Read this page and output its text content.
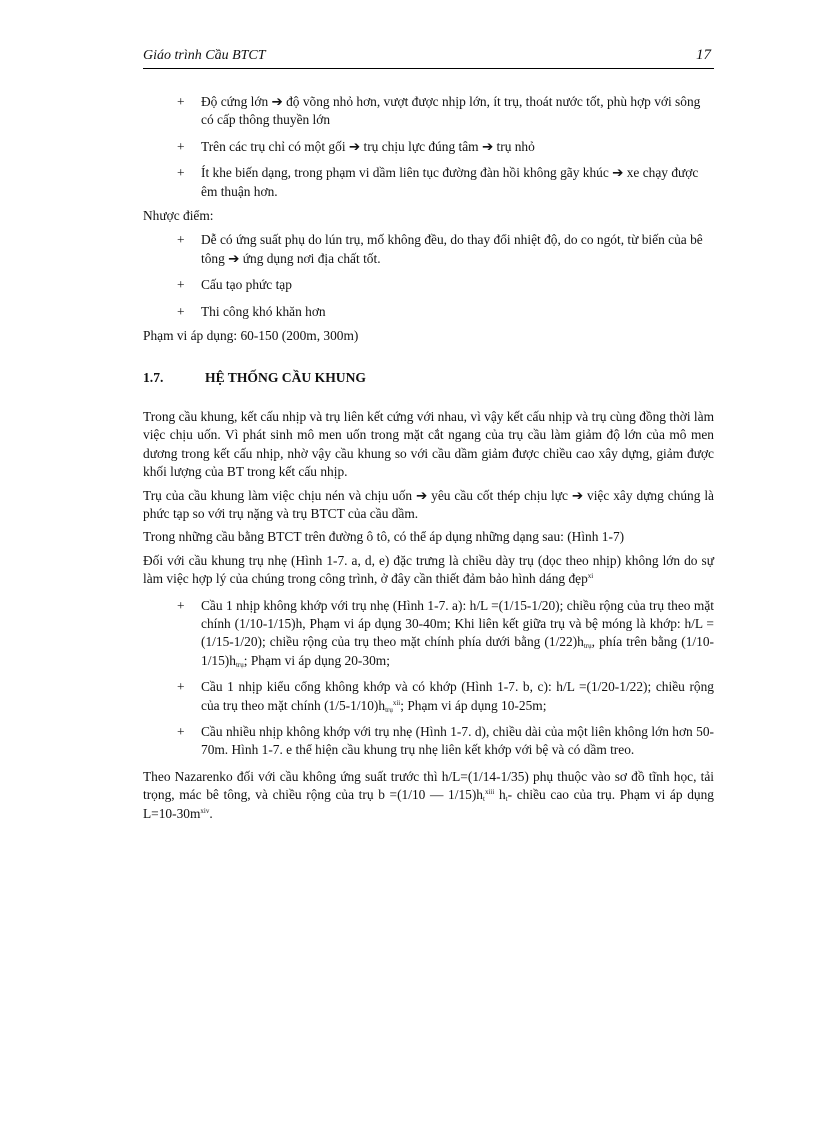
Giáo trình Cầu BTCT	17
+ Độ cứng lớn ➔ độ võng nhỏ hơn, vượt được nhịp lớn, ít trụ, thoát nước tốt, phù hợp với sông có cấp thông thuyền lớn

+ Trên các trụ chỉ có một gối ➔ trụ chịu lực đúng tâm ➔ trụ nhỏ

+ Ít khe biến dạng, trong phạm vi dầm liên tục đường đàn hồi không gãy khúc ➔ xe chạy được êm thuận hơn.

Nhược điểm:

+ Dễ có ứng suất phụ do lún trụ, mố không đều, do thay đổi nhiệt độ, do co ngót, từ biến của bê tông ➔ ứng dụng nơi địa chất tốt.

+ Cấu tạo phức tạp

+ Thi công khó khăn hơn

Phạm vi áp dụng: 60-150 (200m, 300m)

1.7.	HỆ THỐNG CẦU KHUNG

Trong cầu khung, kết cấu nhịp và trụ liên kết cứng với nhau, vì vậy kết cấu nhịp và trụ cùng đồng thời làm việc chịu uốn. Vì phát sinh mô men uốn trong mặt cắt ngang của trụ cầu làm giảm độ lớn của mô men dương trong kết cấu nhịp, nhờ vậy cầu khung so với cầu dầm giảm được chiều cao xây dựng, giảm được khối lượng của BT trong kết cấu nhịp.

Trụ của cầu khung làm việc chịu nén và chịu uốn ➔ yêu cầu cốt thép chịu lực ➔ việc xây dựng chúng là phức tạp so với trụ nặng và trụ BTCT của cầu dầm.

Trong những cầu bằng BTCT trên đường ô tô, có thể áp dụng những dạng sau: (Hình 1-7)

Đối với cầu khung trụ nhẹ (Hình 1-7. a, d, e) đặc trưng là chiều dày trụ (dọc theo nhịp) không lớn do sự làm việc hợp lý của chúng trong công trình, ở đây cần thiết đảm bảo hình dáng đẹp$^{xi}$

+ Cầu 1 nhịp không khớp với trụ nhẹ (Hình 1-7. a): h/L =(1/15-1/20); chiều rộng của trụ theo mặt chính (1/10-1/15)h, Phạm vi áp dụng 30-40m; Khi liên kết giữa trụ và bệ móng là khớp: h/L =(1/15-1/20); chiều rộng của trụ theo mặt chính phía dưới bằng $(1/22)h_{trụ}$, phía trên bằng $(1/10-1/15)h_{trụ}$; Phạm vi áp dụng 20-30m;

+ Cầu 1 nhịp kiểu cổng không khớp và có khớp (Hình 1-7. b, c): h/L =(1/20-1/22); chiều rộng của trụ theo mặt chính $(1/5-1/10)h_{trụ}^{xii}$; Phạm vi áp dụng 10-25m;

+ Cầu nhiều nhịp không khớp với trụ nhẹ (Hình 1-7. d), chiều dài của một liên không lớn hơn 50-70m. Hình 1-7. e thể hiện cầu khung trụ nhẹ liên kết khớp với bệ và có dầm treo.

Theo Nazarenko đối với cầu không ứng suất trước thì h/L=(1/14-1/35) phụ thuộc vào sơ đồ tĩnh học, tải trọng, mác bê tông, và chiều rộng của trụ b =(1/10 — $1/15)h_t^{xiii}$ $h_t-$ chiều cao của trụ. Phạm vi áp dụng $L=10-30m^{xiv}$.
